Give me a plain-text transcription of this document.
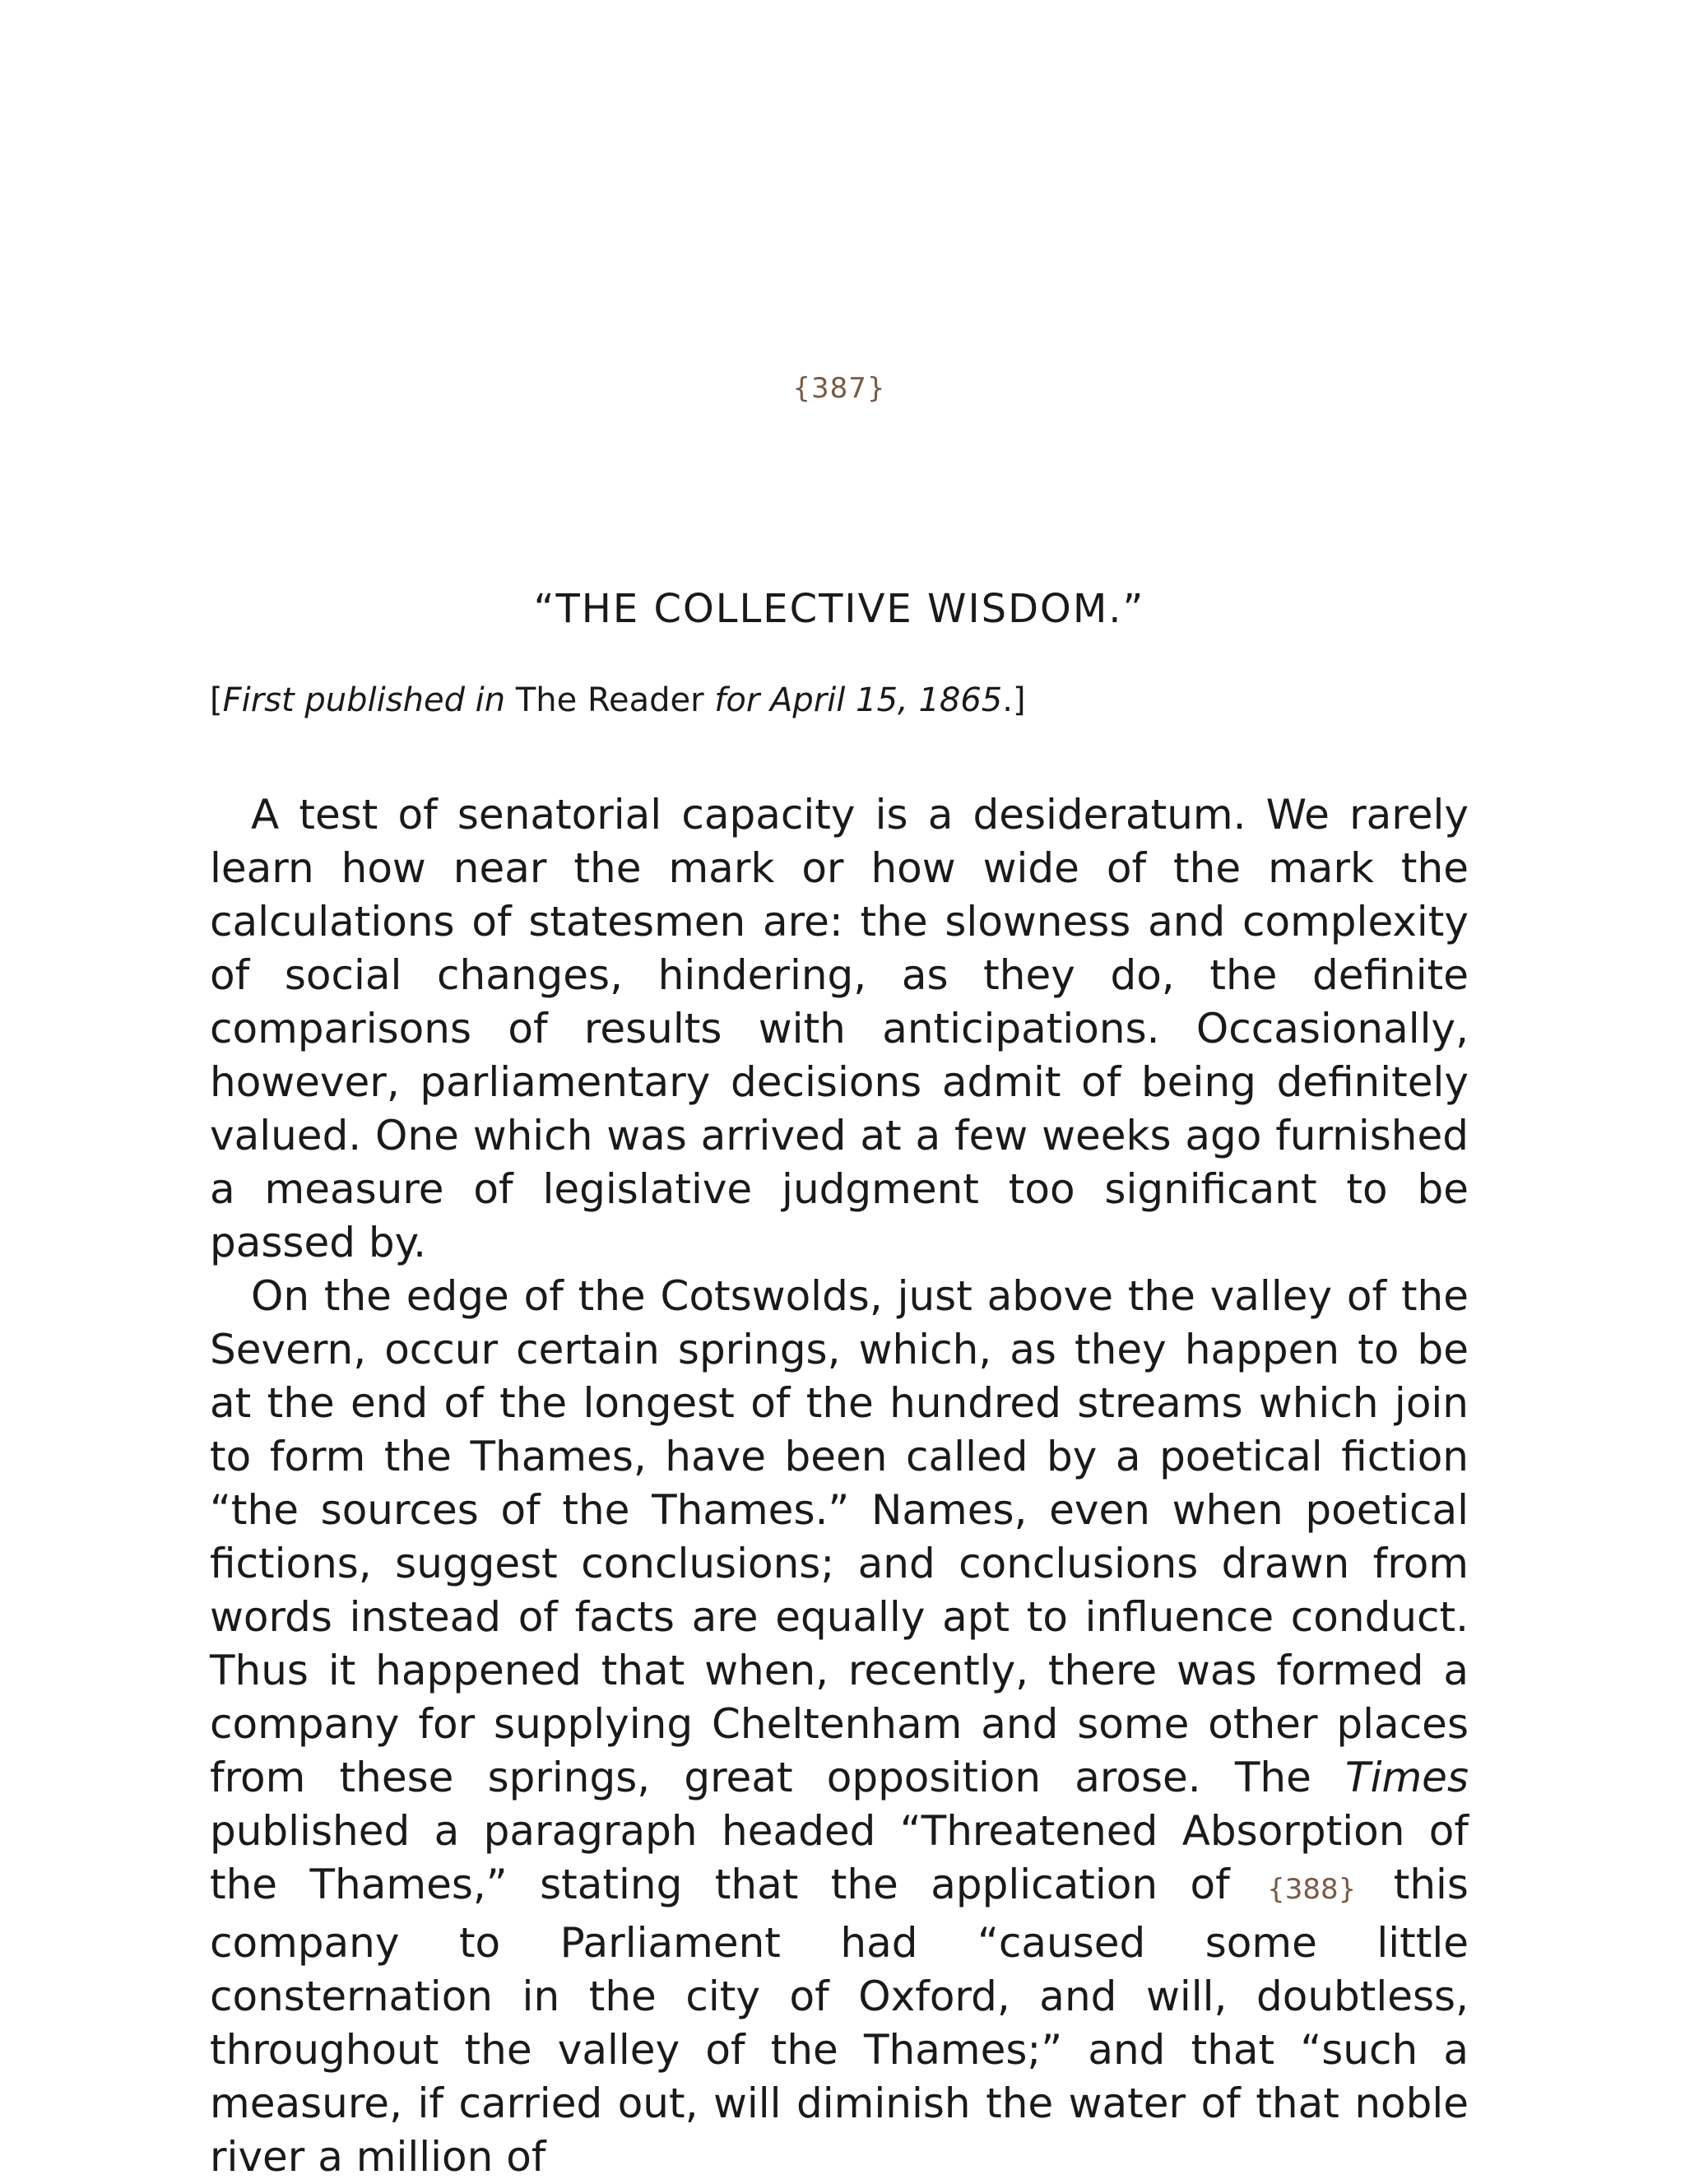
{387}
“THE COLLECTIVE WISDOM.”

[First published in The Reader for April 15, 1865.]

A test of senatorial capacity is a desideratum. We rarely learn how near the mark or how wide of the mark the calculations of statesmen are: the slowness and complexity of social changes, hindering, as they do, the definite comparisons of results with anticipations. Occasionally, however, parliamentary decisions admit of being definitely valued. One which was arrived at a few weeks ago furnished a measure of legislative judgment too significant to be passed by.

On the edge of the Cotswolds, just above the valley of the Severn, occur certain springs, which, as they happen to be at the end of the longest of the hundred streams which join to form the Thames, have been called by a poetical fiction “the sources of the Thames.” Names, even when poetical fictions, suggest conclusions; and conclusions drawn from words instead of facts are equally apt to influence conduct. Thus it happened that when, recently, there was formed a company for supplying Cheltenham and some other places from these springs, great opposition arose. The Times published a paragraph headed “Threatened Absorption of the Thames,” stating that the application of {388} this company to Parliament had “caused some little consternation in the city of Oxford, and will, doubtless, throughout the valley of the Thames;” and that “such a measure, if carried out, will diminish the water of that noble river a million of
